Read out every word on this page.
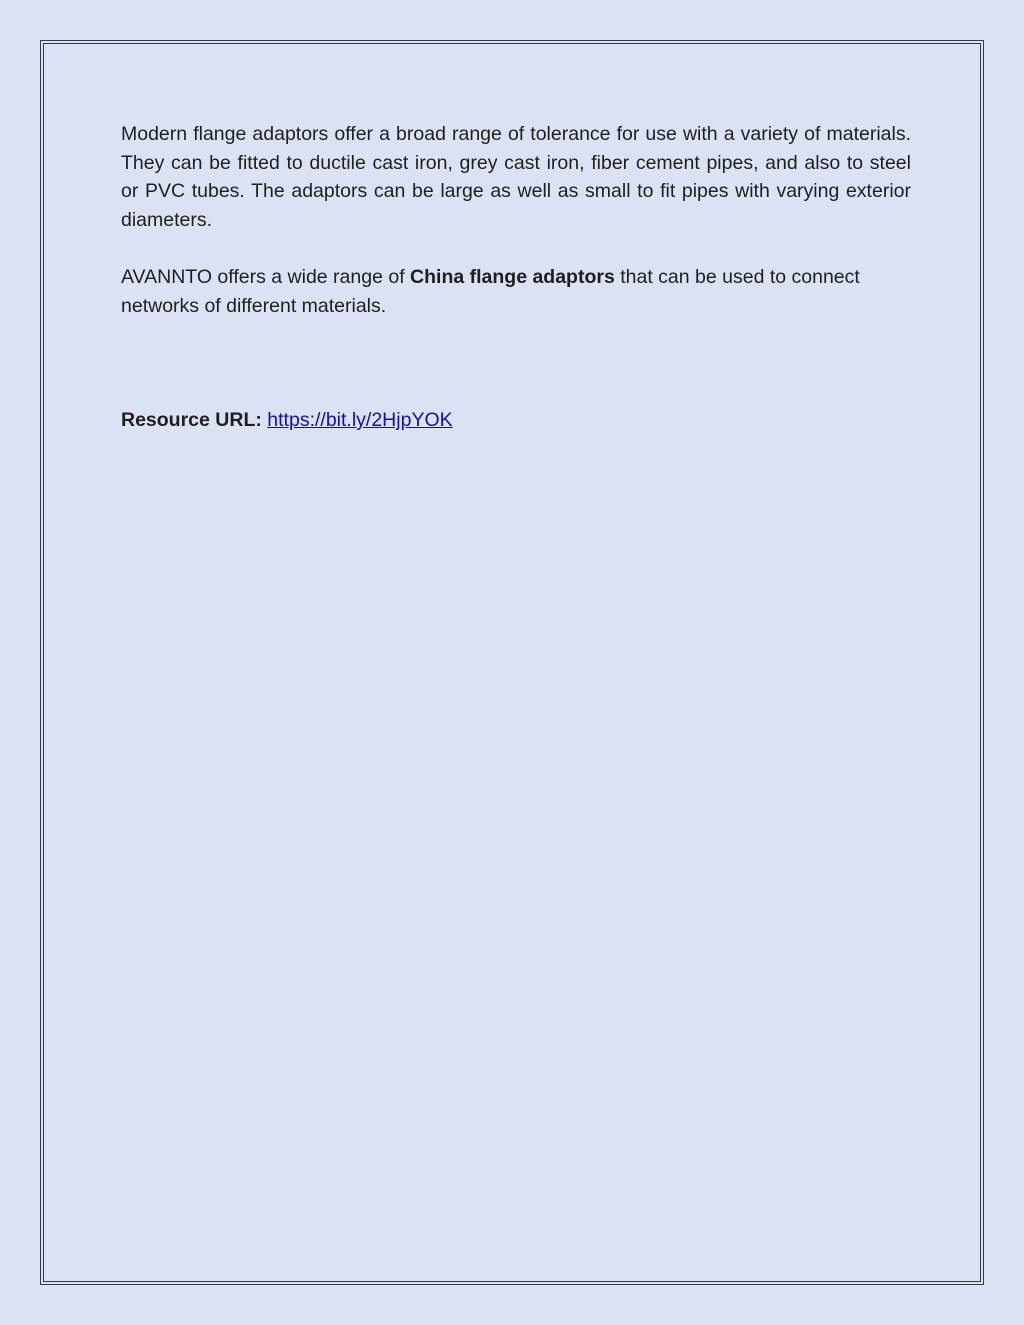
Modern flange adaptors offer a broad range of tolerance for use with a variety of materials. They can be fitted to ductile cast iron, grey cast iron, fiber cement pipes, and also to steel or PVC tubes. The adaptors can be large as well as small to fit pipes with varying exterior diameters.

AVANNTO offers a wide range of China flange adaptors that can be used to connect networks of different materials.

Resource URL: https://bit.ly/2HjpYOK
